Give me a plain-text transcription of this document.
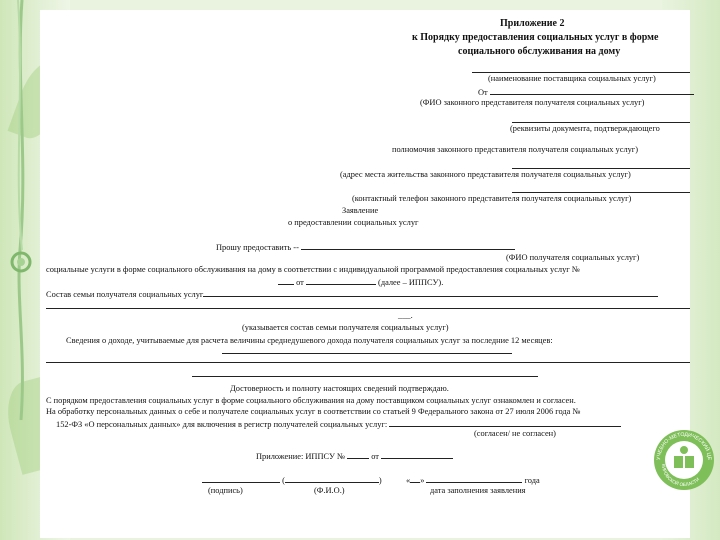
Приложение 2
к Порядку предоставления социальных услуг в форме
социального обслуживания на дому
(наименование поставщика социальных услуг)
От
(ФИО законного представителя получателя социальных услуг)
(реквизиты документа, подтверждающего
полномочия законного представителя получателя социальных услуг)
(адрес места жительства законного представителя получателя социальных услуг)
(контактный телефон законного представителя получателя социальных услуг)
Заявление
о предоставлении социальных услуг
Прошу предоставить --
(ФИО получателя социальных услуг)
социальные услуги в форме социального обслуживания на дому в соответствии с индивидуальной программой предоставления социальных услуг №
от	(далее – ИППСУ).
Состав семьи получателя социальных услуг
___.
(указывается состав семьи получателя социальных услуг)
Сведения о доходе, учитываемые для расчета величины среднедушевого дохода получателя социальных услуг за последние 12 месяцев:
Достоверность и полноту настоящих сведений подтверждаю.
С порядком предоставления социальных услуг в форме социального обслуживания на дому поставщиком социальных услуг ознакомлен и согласен.
На обработку персональных данных о себе и получателе социальных услуг в соответствии со статьей 9 Федерального закона от 27 июля 2006 года №
152-ФЗ «О персональных данных» для включения в регистр получателей социальных услуг:
(согласен/ не согласен)
Приложение: ИППСУ №	от
(	)	« »	года
(подпись)	(Ф.И.О.)	дата заполнения заявления
УЧЕБНО-МЕТОДИЧЕСКИЙ ЦЕ
КИРОВСКОЙ ОБЛАСТИ
